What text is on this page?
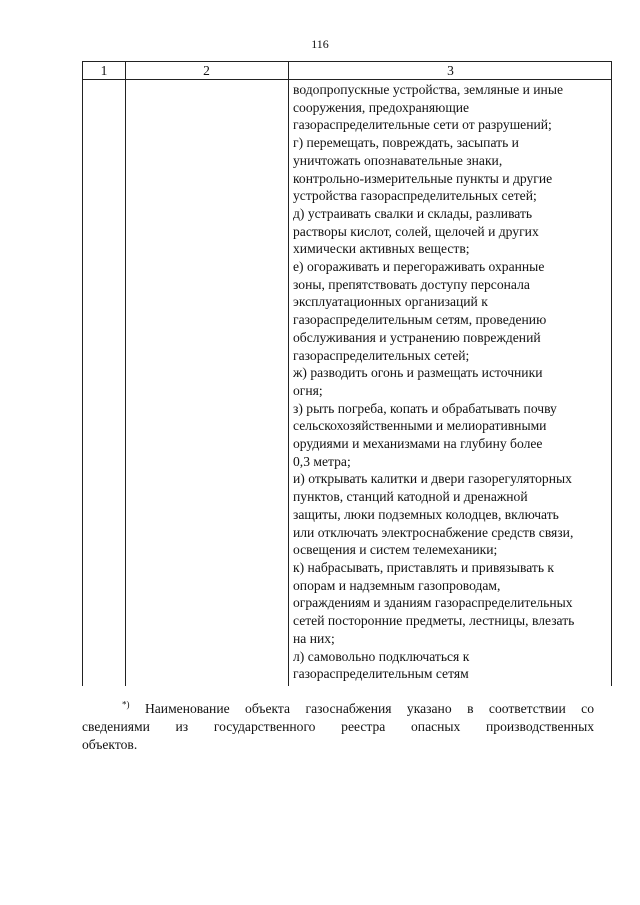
116
1	2	3
водопропускные устройства, земляные и иные
сооружения, предохраняющие
газораспределительные сети от разрушений;
г) перемещать, повреждать, засыпать и
уничтожать опознавательные знаки,
контрольно-измерительные пункты и другие
устройства газораспределительных сетей;
д) устраивать свалки и склады, разливать
растворы кислот, солей, щелочей и других
химически активных веществ;
е) огораживать и перегораживать охранные
зоны, препятствовать доступу персонала
эксплуатационных организаций к
газораспределительным сетям, проведению
обслуживания и устранению повреждений
газораспределительных сетей;
ж) разводить огонь и размещать источники
огня;
з) рыть погреба, копать и обрабатывать почву
сельскохозяйственными и мелиоративными
орудиями и механизмами на глубину более
0,3 метра;
и) открывать калитки и двери газорегуляторных
пунктов, станций катодной и дренажной
защиты, люки подземных колодцев, включать
или отключать электроснабжение средств связи,
освещения и систем телемеханики;
к) набрасывать, приставлять и привязывать к
опорам и надземным газопроводам,
ограждениям и зданиям газораспределительных
сетей посторонние предметы, лестницы, влезать
на них;
л) самовольно подключаться к
газораспределительным сетям
*) Наименование объекта газоснабжения указано в соответствии со
сведениями из государственного реестра опасных производственных
объектов.
